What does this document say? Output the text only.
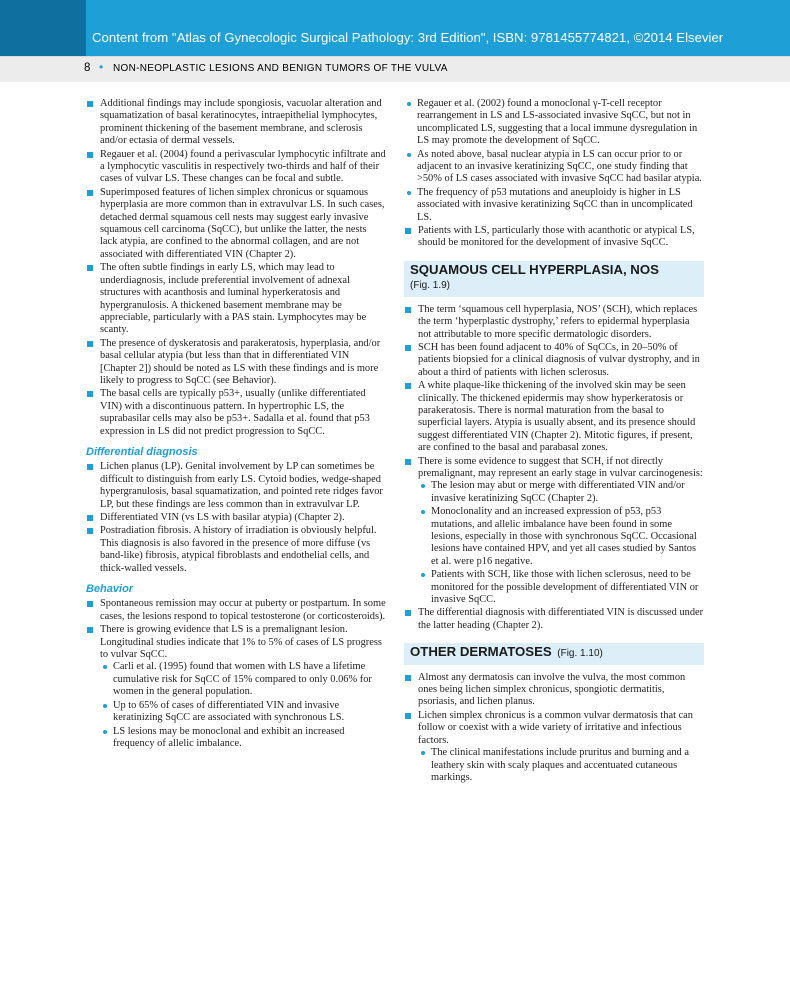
Content from "Atlas of Gynecologic Surgical Pathology: 3rd Edition", ISBN: 9781455774821, ©2014 Elsevier
8 • NON-NEOPLASTIC LESIONS AND BENIGN TUMORS OF THE VULVA
Additional findings may include spongiosis, vacuolar alteration and squamatization of basal keratinocytes, intraepithelial lymphocytes, prominent thickening of the basement membrane, and sclerosis and/or ectasia of dermal vessels.
Regauer et al. (2004) found a perivascular lymphocytic infiltrate and a lymphocytic vasculitis in respectively two-thirds and half of their cases of vulvar LS. These changes can be focal and subtle.
Superimposed features of lichen simplex chronicus or squamous hyperplasia are more common than in extravulvar LS. In such cases, detached dermal squamous cell nests may suggest early invasive squamous cell carcinoma (SqCC), but unlike the latter, the nests lack atypia, are confined to the abnormal collagen, and are not associated with differentiated VIN (Chapter 2).
The often subtle findings in early LS, which may lead to underdiagnosis, include preferential involvement of adnexal structures with acanthosis and luminal hyperkeratosis and hypergranulosis. A thickened basement membrane may be appreciable, particularly with a PAS stain. Lymphocytes may be scanty.
The presence of dyskeratosis and parakeratosis, hyperplasia, and/or basal cellular atypia (but less than that in differentiated VIN [Chapter 2]) should be noted as LS with these findings and is more likely to progress to SqCC (see Behavior).
The basal cells are typically p53+, usually (unlike differentiated VIN) with a discontinuous pattern. In hypertrophic LS, the suprabasilar cells may also be p53+. Sadalla et al. found that p53 expression in LS did not predict progression to SqCC.
Differential diagnosis
Lichen planus (LP). Genital involvement by LP can sometimes be difficult to distinguish from early LS. Cytoid bodies, wedge-shaped hypergranulosis, basal squamatization, and pointed rete ridges favor LP, but these findings are less common than in extravulvar LP.
Differentiated VIN (vs LS with basilar atypia) (Chapter 2).
Postradiation fibrosis. A history of irradiation is obviously helpful. This diagnosis is also favored in the presence of more diffuse (vs band-like) fibrosis, atypical fibroblasts and endothelial cells, and thick-walled vessels.
Behavior
Spontaneous remission may occur at puberty or postpartum. In some cases, the lesions respond to topical testosterone (or corticosteroids).
There is growing evidence that LS is a premalignant lesion. Longitudinal studies indicate that 1% to 5% of cases of LS progress to vulvar SqCC.
Carli et al. (1995) found that women with LS have a lifetime cumulative risk for SqCC of 15% compared to only 0.06% for women in the general population.
Up to 65% of cases of differentiated VIN and invasive keratinizing SqCC are associated with synchronous LS.
LS lesions may be monoclonal and exhibit an increased frequency of allelic imbalance.
Regauer et al. (2002) found a monoclonal γ-T-cell receptor rearrangement in LS and LS-associated invasive SqCC, but not in uncomplicated LS, suggesting that a local immune dysregulation in LS may promote the development of SqCC.
As noted above, basal nuclear atypia in LS can occur prior to or adjacent to an invasive keratinizing SqCC, one study finding that >50% of LS cases associated with invasive SqCC had basilar atypia.
The frequency of p53 mutations and aneuploidy is higher in LS associated with invasive keratinizing SqCC than in uncomplicated LS.
Patients with LS, particularly those with acanthotic or atypical LS, should be monitored for the development of invasive SqCC.
SQUAMOUS CELL HYPERPLASIA, NOS
(Fig. 1.9)
The term ‘squamous cell hyperplasia, NOS’ (SCH), which replaces the term ‘hyperplastic dystrophy,’ refers to epidermal hyperplasia not attributable to more specific dermatologic disorders.
SCH has been found adjacent to 40% of SqCCs, in 20–50% of patients biopsied for a clinical diagnosis of vulvar dystrophy, and in about a third of patients with lichen sclerosus.
A white plaque-like thickening of the involved skin may be seen clinically. The thickened epidermis may show hyperkeratosis or parakeratosis. There is normal maturation from the basal to superficial layers. Atypia is usually absent, and its presence should suggest differentiated VIN (Chapter 2). Mitotic figures, if present, are confined to the basal and parabasal zones.
There is some evidence to suggest that SCH, if not directly premalignant, may represent an early stage in vulvar carcinogenesis:
The lesion may abut or merge with differentiated VIN and/or invasive keratinizing SqCC (Chapter 2).
Monoclonality and an increased expression of p53, p53 mutations, and allelic imbalance have been found in some lesions, especially in those with synchronous SqCC. Occasional lesions have contained HPV, and yet all cases studied by Santos et al. were p16 negative.
Patients with SCH, like those with lichen sclerosus, need to be monitored for the possible development of differentiated VIN or invasive SqCC.
The differential diagnosis with differentiated VIN is discussed under the latter heading (Chapter 2).
OTHER DERMATOSES (Fig. 1.10)
Almost any dermatosis can involve the vulva, the most common ones being lichen simplex chronicus, spongiotic dermatitis, psoriasis, and lichen planus.
Lichen simplex chronicus is a common vulvar dermatosis that can follow or coexist with a wide variety of irritative and infectious factors.
The clinical manifestations include pruritus and burning and a leathery skin with scaly plaques and accentuated cutaneous markings.
